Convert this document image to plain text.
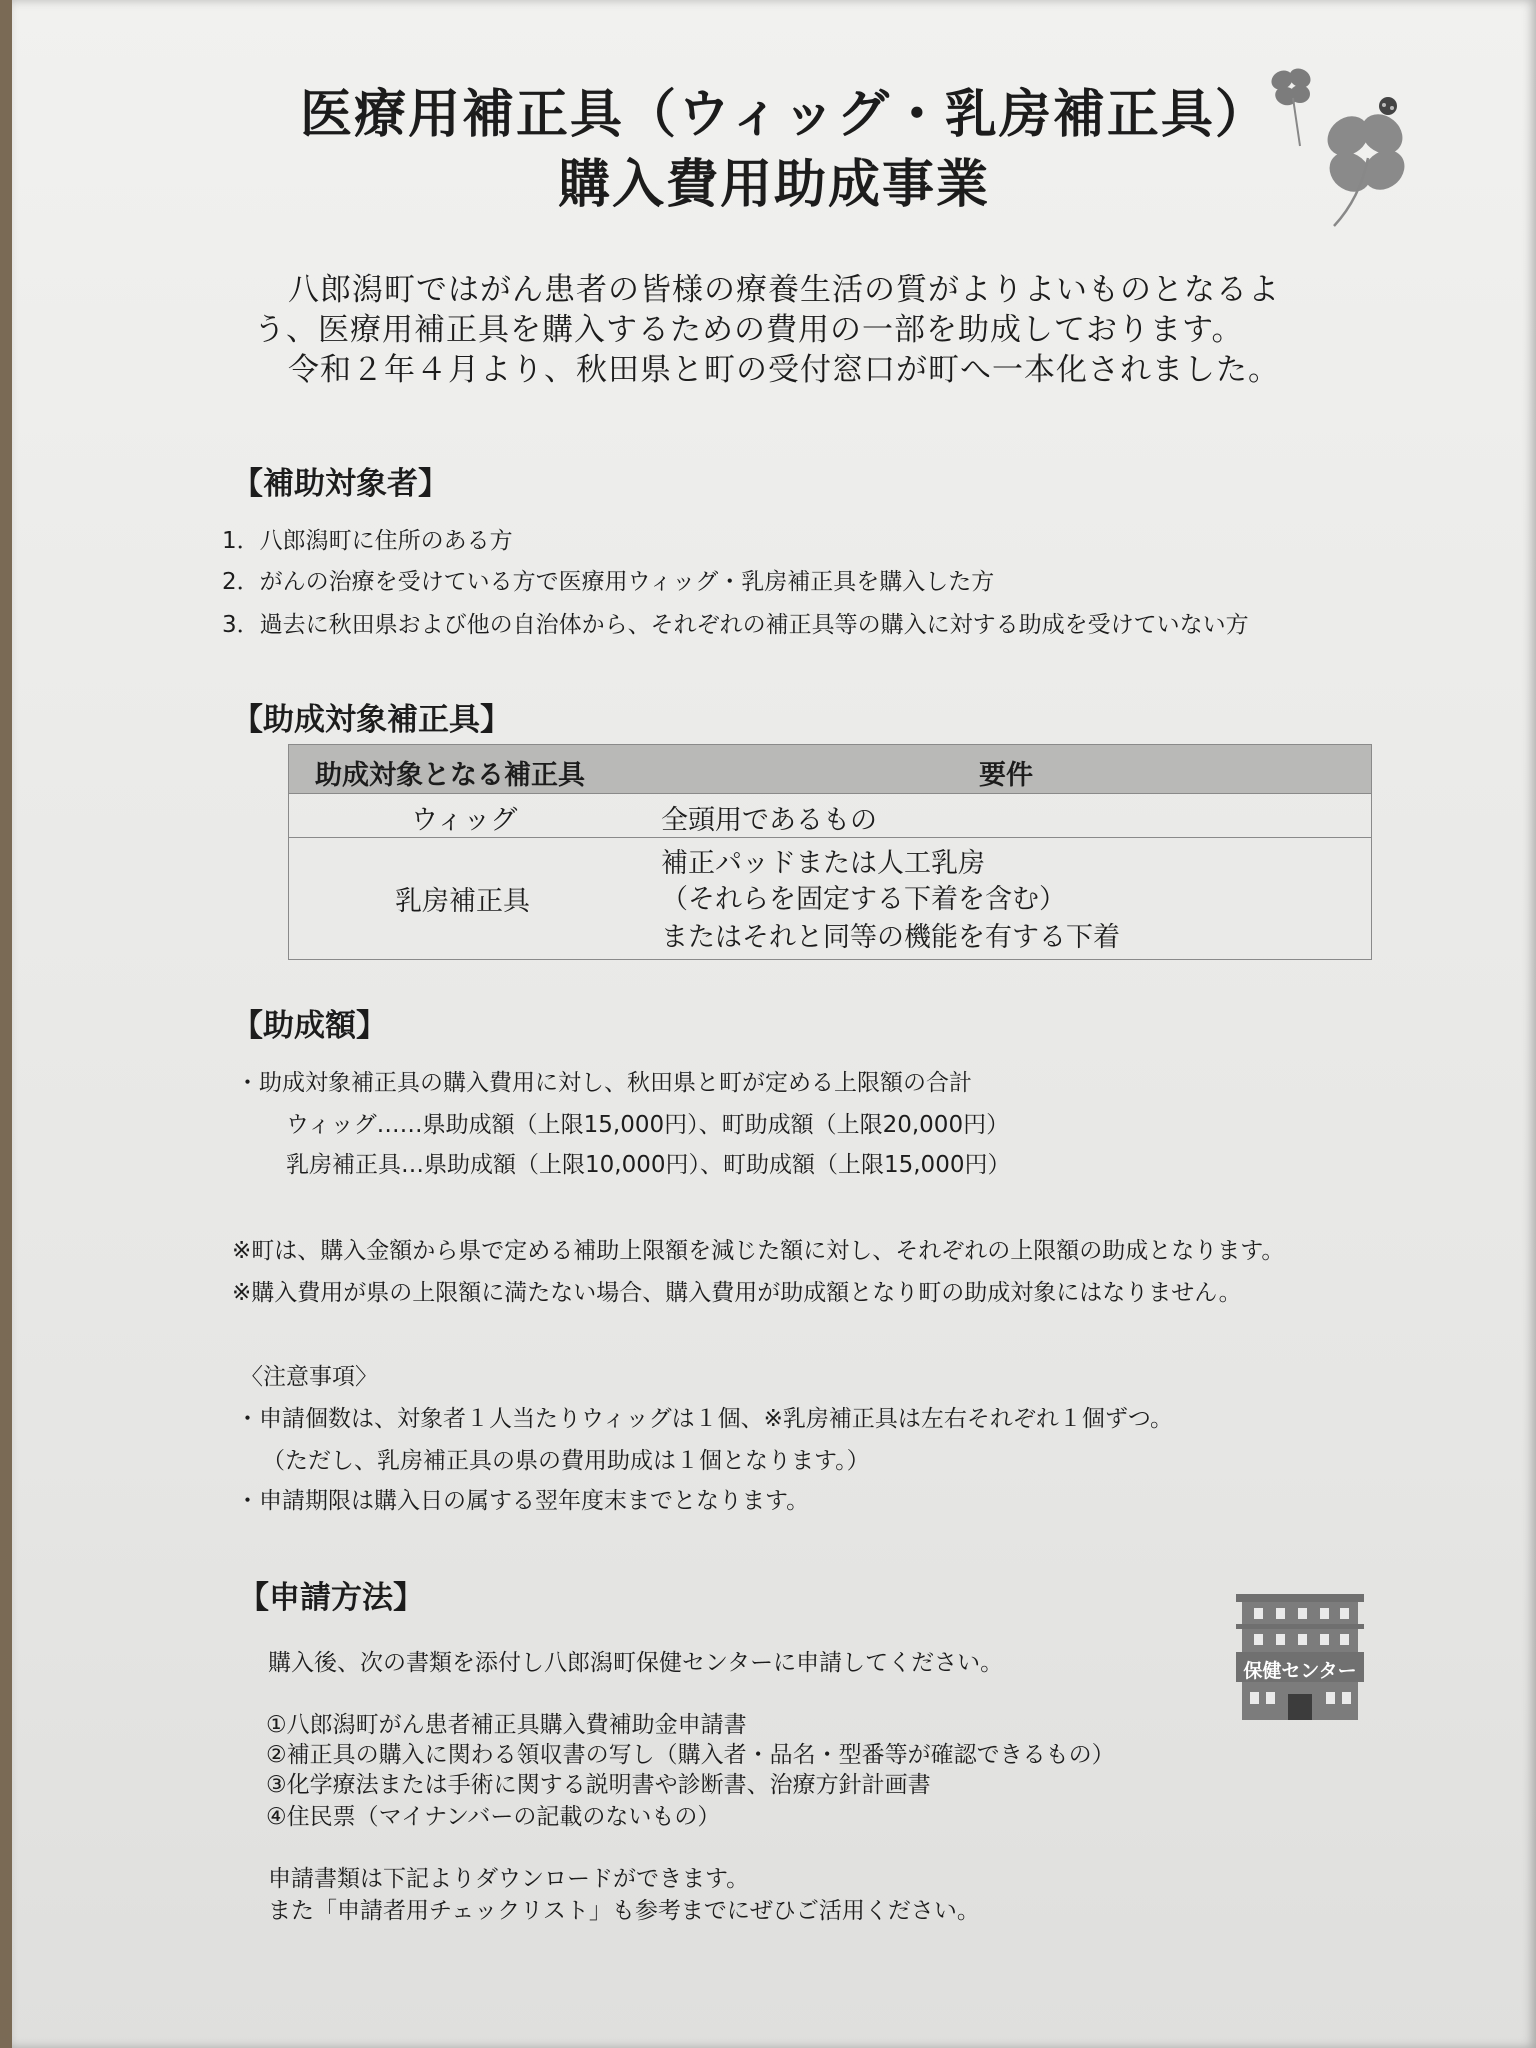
医療用補正具（ウィッグ・乳房補正具）
購入費用助成事業
八郎潟町ではがん患者の皆様の療養生活の質がよりよいものとなるよ
う、医療用補正具を購入するための費用の一部を助成しております。
令和２年４月より、秋田県と町の受付窓口が町へ一本化されました。
【補助対象者】
1．八郎潟町に住所のある方
2．がんの治療を受けている方で医療用ウィッグ・乳房補正具を購入した方
3．過去に秋田県および他の自治体から、それぞれの補正具等の購入に対する助成を受けていない方
【助成対象補正具】
助成対象となる補正具	要件
ウィッグ	全頭用であるもの
乳房補正具
補正パッドまたは人工乳房
（それらを固定する下着を含む）
またはそれと同等の機能を有する下着
【助成額】
・助成対象補正具の購入費用に対し、秋田県と町が定める上限額の合計
ウィッグ……県助成額（上限15,000円）、町助成額（上限20,000円）
乳房補正具…県助成額（上限10,000円）、町助成額（上限15,000円）
※町は、購入金額から県で定める補助上限額を減じた額に対し、それぞれの上限額の助成となります。
※購入費用が県の上限額に満たない場合、購入費用が助成額となり町の助成対象にはなりません。
〈注意事項〉
・申請個数は、対象者１人当たりウィッグは１個、※乳房補正具は左右それぞれ１個ずつ。
（ただし、乳房補正具の県の費用助成は１個となります。）
・申請期限は購入日の属する翌年度末までとなります。
【申請方法】
購入後、次の書類を添付し八郎潟町保健センターに申請してください。
①八郎潟町がん患者補正具購入費補助金申請書
②補正具の購入に関わる領収書の写し（購入者・品名・型番等が確認できるもの）
③化学療法または手術に関する説明書や診断書、治療方針計画書
④住民票（マイナンバーの記載のないもの）
申請書類は下記よりダウンロードができます。
また「申請者用チェックリスト」も参考までにぜひご活用ください。
保健センター
